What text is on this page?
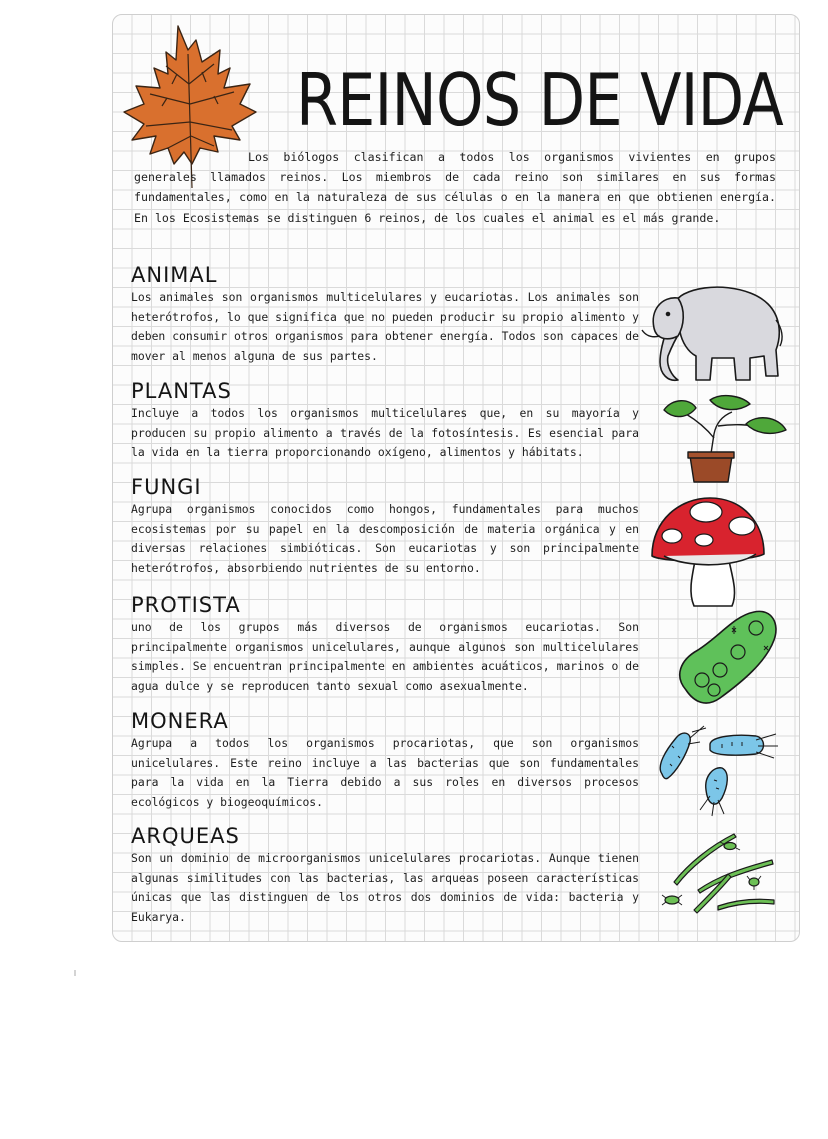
REINOS DE VIDA

Los biólogos clasifican a todos los organismos vivientes en grupos generales llamados reinos. Los miembros de cada reino son similares en sus formas fundamentales, como en la naturaleza de sus células o en la manera en que obtienen energía. En los Ecosistemas se distinguen 6 reinos, de los cuales el animal es el más grande.

ANIMAL

Los animales son organismos multicelulares y eucariotas. Los animales son heterótrofos, lo que significa que no pueden producir su propio alimento y deben consumir otros organismos para obtener energía. Todos son capaces de mover al menos alguna de sus partes.

PLANTAS

Incluye a todos los organismos multicelulares que, en su mayoría y producen su propio alimento a través de la fotosíntesis. Es esencial para la vida en la tierra proporcionando oxígeno, alimentos y hábitats.

FUNGI

Agrupa organismos conocidos como hongos, fundamentales para muchos ecosistemas por su papel en la descomposición de materia orgánica y en diversas relaciones simbióticas. Son eucariotas y son principalmente heterótrofos, absorbiendo nutrientes de su entorno.

PROTISTA

uno de los grupos más diversos de organismos eucariotas. Son principalmente organismos unicelulares, aunque algunos son multicelulares simples. Se encuentran principalmente en ambientes acuáticos, marinos o de agua dulce y se reproducen tanto sexual como asexualmente.

MONERA

Agrupa a todos los organismos procariotas, que son organismos unicelulares. Este reino incluye a las bacterias que son fundamentales para la vida en la Tierra debido a sus roles en diversos procesos ecológicos y biogeoquímicos.

ARQUEAS

Son un dominio de microorganismos unicelulares procariotas. Aunque tienen algunas similitudes con las bacterias, las arqueas poseen características únicas que las distinguen de los otros dos dominios de vida: bacteria y Eukarya.
